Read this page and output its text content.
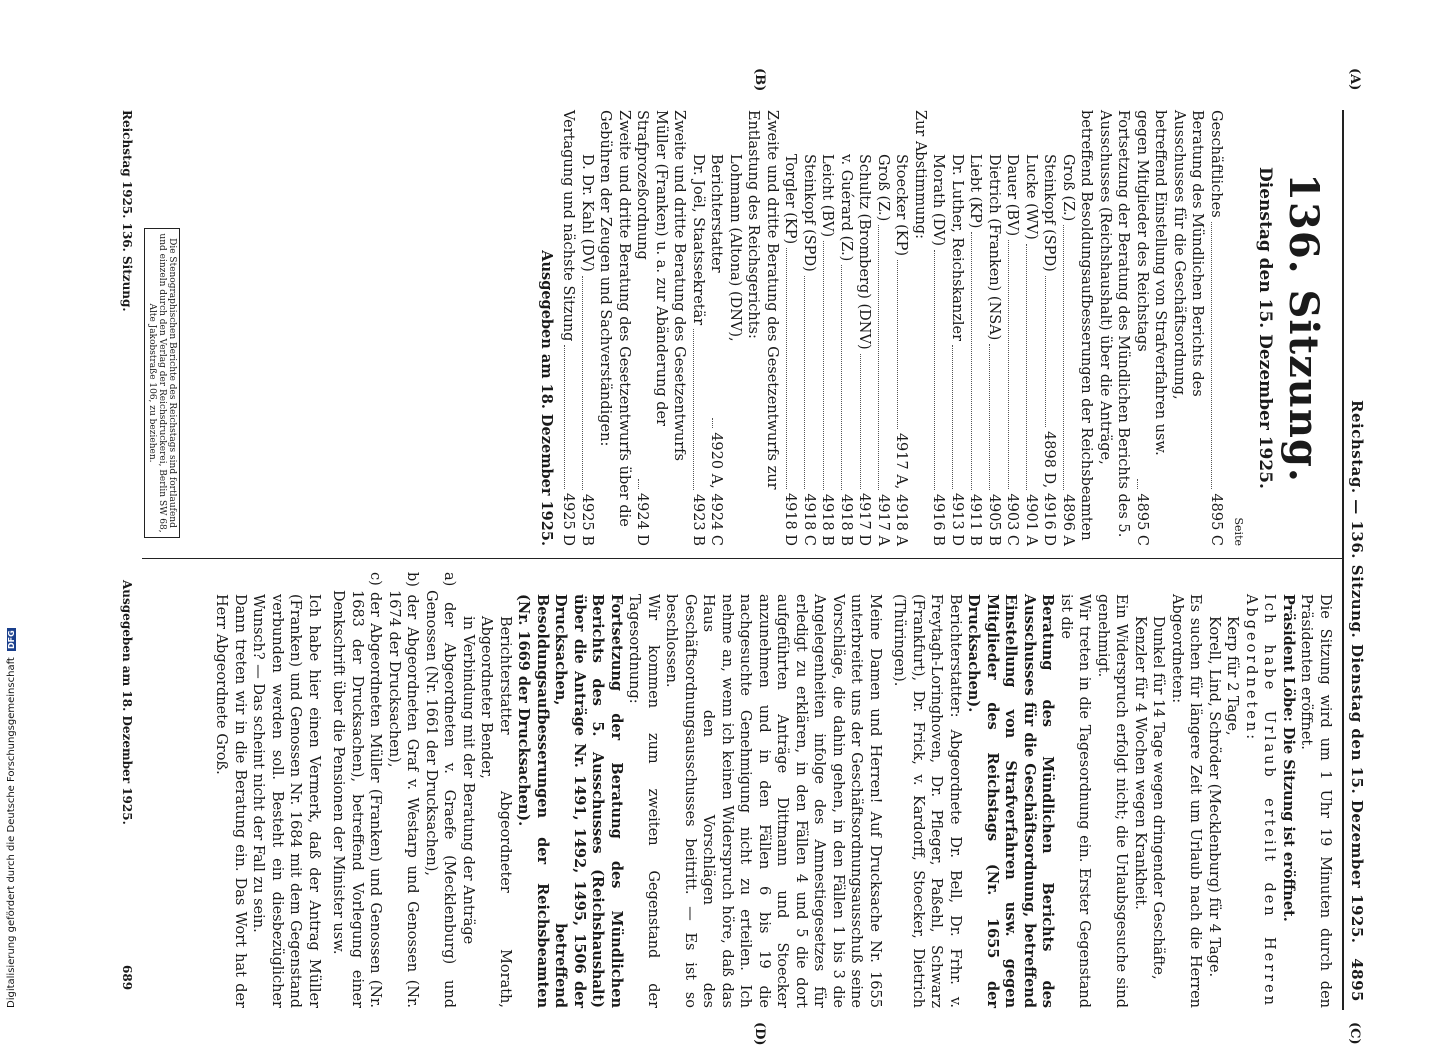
Reichstag. — 136. Sitzung. Dienstag den 15. Dezember 1925.
4895
(A)
(B)
(C)
(D)
136. Sitzung.
Dienstag den 15. Dezember 1925.
Seite
Geschäftliches
4895 C
Beratung des Mündlichen Berichts des Ausschusses für die Geschäftsordnung, betreffend Einstellung von Strafverfahren usw. gegen Mitglieder des Reichstags
4895 C
Fortsetzung der Beratung des Mündlichen Berichts des 5. Ausschusses (Reichshaushalt) über die Anträge, betreffend Besoldungsaufbesserungen der Reichsbeamten
Groß (Z.)
4896 A
Steinkopf (SPD)
4898 D, 4916 D
Lucke (WV)
4901 A
Dauer (BV)
4903 C
Dietrich (Franken) (NSA)
4905 B
Liebt (KP)
4911 B
Dr. Luther, Reichskanzler
4913 D
Morath (DV)
4916 B
Zur Abstimmung:
Stoecker (KP)
4917 A, 4918 A
Groß (Z.)
4917 A
Schultz (Bromberg) (DNV)
4917 D
v. Guérard (Z.)
4918 B
Leicht (BV)
4918 B
Steinkopf (SPD)
4918 C
Torgler (KP)
4918 D
Zweite und dritte Beratung des Gesetzentwurfs zur Entlastung des Reichsgerichts:
Lohmann (Altona) (DNV), Berichterstatter
4920 A, 4924 C
Dr. Joël, Staatssekretär
4923 B
Zweite und dritte Beratung des Gesetzentwurfs Müller (Franken) u. a. zur Abänderung der Strafprozeßordnung
4924 D
Zweite und dritte Beratung des Gesetzentwurfs über die Gebühren der Zeugen und Sachverständigen:
D. Dr. Kahl (DV)
4925 B
Vertagung und nächste Sitzung
4925 D
Ausgegeben am 18. Dezember 1925.
Reichstag 1925. 136. Sitzung.
Die Stenographischen Berichte des Reichstags sind fortlaufend und einzeln durch den Verlag der Reichsdruckerei, Berlin SW 68, Alte Jakobstraße 106, zu beziehen.

Die Sitzung wird um 1 Uhr 19 Minuten durch den Präsidenten eröffnet.

Präsident Löbe: Die Sitzung ist eröffnet.

Ich habe Urlaub erteilt den Herren Abgeordneten:

Kerp für 2 Tage,

Korell, Lind, Schröder (Mecklenburg) für 4 Tage.

Es suchen für längere Zeit um Urlaub nach die Herren Abgeordneten:

Dunkel für 14 Tage wegen dringender Geschäfte,

Kenzler für 4 Wochen wegen Krankheit.

Ein Widerspruch erfolgt nicht; die Urlaubsgesuche sind genehmigt.

Wir treten in die Tagesordnung ein. Erster Gegenstand ist die

Beratung des Mündlichen Berichts des Ausschusses für die Geschäftsordnung, betreffend Einstellung von Strafverfahren usw. gegen Mitglieder des Reichstags (Nr. 1655 der Drucksachen).

Berichterstatter: Abgeordnete Dr. Bell, Dr. Frhr. v. Freytagh-Loringhoven, Dr. Pfleger, Paßehl, Schwarz (Frankfurt), Dr. Frick, v. Kardorff, Stoecker, Dietrich (Thüringen).

Meine Damen und Herren! Auf Drucksache Nr. 1655 unterbreitet uns der Geschäftsordnungsausschuß seine Vorschläge, die dahin gehen, in den Fällen 1 bis 3 die Angelegenheiten infolge des Amnestiegesetzes für erledigt zu erklären, in den Fällen 4 und 5 die dort aufgeführten Anträge Dittmann und Stoecker anzunehmen und in den Fällen 6 bis 19 die nachgesuchte Genehmigung nicht zu erteilen. Ich nehme an, wenn ich keinen Widerspruch höre, daß das Haus den Vorschlägen des Geschäftsordnungsausschusses beitritt. — Es ist so beschlossen.

Wir kommen zum zweiten Gegenstand der Tagesordnung:

Fortsetzung der Beratung des Mündlichen Berichts des 5. Ausschusses (Reichshaushalt) über die Anträge Nr. 1491, 1492, 1495, 1506 der Drucksachen, betreffend Besoldungsaufbesserungen der Reichsbeamten (Nr. 1669 der Drucksachen).

Berichterstatter Abgeordneter Morath, Abgeordneter Bender,

in Verbindung mit der Beratung der Anträge

a) der Abgeordneten v. Graefe (Mecklenburg) und Genossen (Nr. 1661 der Drucksachen),

b) der Abgeordneten Graf v. Westarp und Genossen (Nr. 1674 der Drucksachen),

c) der Abgeordneten Müller (Franken) und Genossen (Nr. 1683 der Drucksachen), betreffend Vorlegung einer Denkschrift über die Pensionen der Minister usw.

Ich habe hier einen Vermerk, daß der Antrag Müller (Franken) und Genossen Nr. 1684 mit dem Gegenstand verbunden werden soll. Besteht ein diesbezüglicher Wunsch? — Das scheint nicht der Fall zu sein.

Dann treten wir in die Beratung ein. Das Wort hat der Herr Abgeordnete Groß.

Ausgegeben am 18. Dezember 1925.
689
Digitalisierung gefördert durch die Deutsche Forschungsgemeinschaft DFG
